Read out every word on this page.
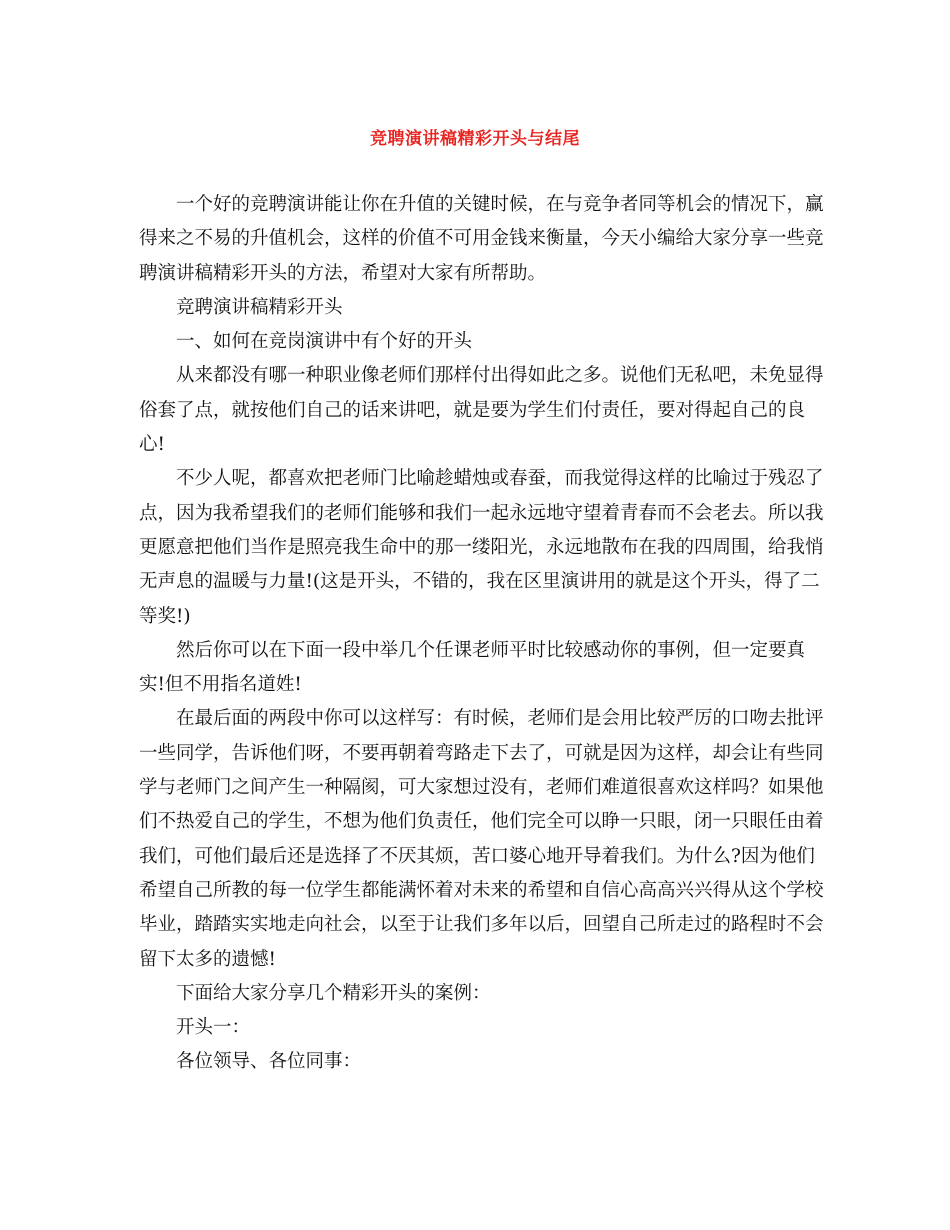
竞聘演讲稿精彩开头与结尾

一个好的竞聘演讲能让你在升值的关键时候，在与竞争者同等机会的情况下，赢得来之不易的升值机会，这样的价值不可用金钱来衡量，今天小编给大家分享一些竞聘演讲稿精彩开头的方法，希望对大家有所帮助。

竞聘演讲稿精彩开头

一、如何在竞岗演讲中有个好的开头

从来都没有哪一种职业像老师们那样付出得如此之多。说他们无私吧，未免显得俗套了点，就按他们自己的话来讲吧，就是要为学生们付责任，要对得起自己的良心!

不少人呢，都喜欢把老师门比喻趁蜡烛或春蚕，而我觉得这样的比喻过于残忍了点，因为我希望我们的老师们能够和我们一起永远地守望着青春而不会老去。所以我更愿意把他们当作是照亮我生命中的那一缕阳光，永远地散布在我的四周围，给我悄无声息的温暖与力量!(这是开头，不错的，我在区里演讲用的就是这个开头，得了二等奖!)

然后你可以在下面一段中举几个任课老师平时比较感动你的事例，但一定要真实!但不用指名道姓!

在最后面的两段中你可以这样写：有时候，老师们是会用比较严厉的口吻去批评一些同学，告诉他们呀，不要再朝着弯路走下去了，可就是因为这样，却会让有些同学与老师门之间产生一种隔阂，可大家想过没有，老师们难道很喜欢这样吗？如果他们不热爱自己的学生，不想为他们负责任，他们完全可以睁一只眼，闭一只眼任由着我们，可他们最后还是选择了不厌其烦，苦口婆心地开导着我们。为什么?因为他们希望自己所教的每一位学生都能满怀着对未来的希望和自信心高高兴兴得从这个学校毕业，踏踏实实地走向社会，以至于让我们多年以后，回望自己所走过的路程时不会留下太多的遗憾!

下面给大家分享几个精彩开头的案例：

开头一：

各位领导、各位同事：
